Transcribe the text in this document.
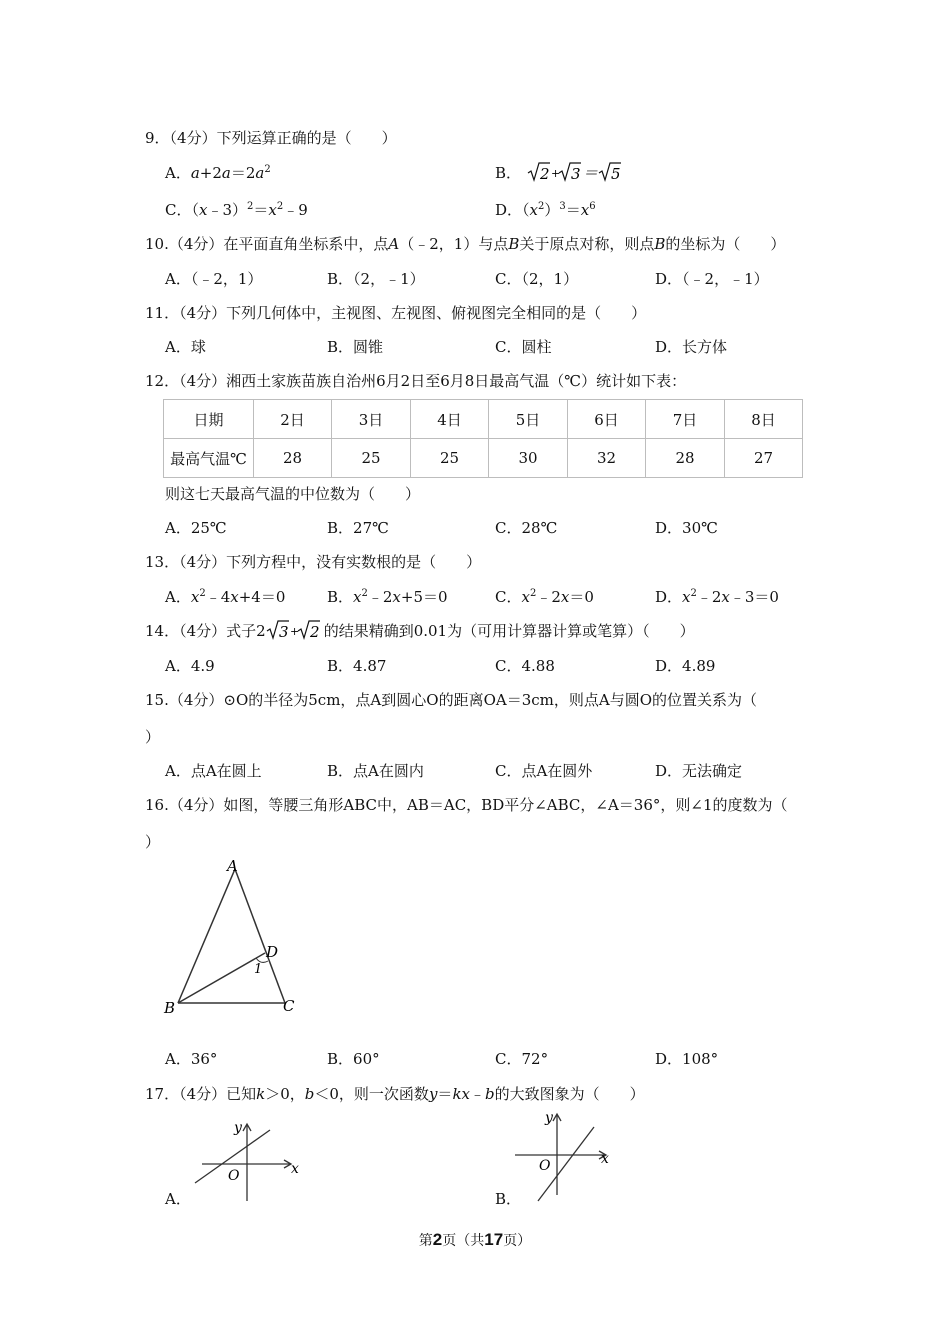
9．（4分）下列运算正确的是（　　）
A．$a+2a=2a^2$	B． 2 + 3 ＝ 5
C．$(x﹣3)^2=x^2﹣9$	D．$(x^2)^3=x^6$
10.（4分）在平面直角坐标系中，点A（﹣2，1）与点B关于原点对称，则点B的坐标为（　　）
A．（﹣2，1）	B．（2，﹣1）	C．（2，1）	D．（﹣2，﹣1）
11．（4分）下列几何体中，主视图、左视图、俯视图完全相同的是（　　）
A．球	B．圆锥	C．圆柱	D．长方体
12．（4分）湘西土家族苗族自治州6月2日至6月8日最高气温（℃）统计如下表：
日期	2日	3日	4日	5日	6日	7日	8日
最高气温℃	28	25	25	30	32	28	27
则这七天最高气温的中位数为（　　）
A．25℃	B．27℃	C．28℃	D．30℃
13．（4分）下列方程中，没有实数根的是（　　）
A．$x^2﹣4x+4=0$	B．$x^2﹣2x+5=0$	C．$x^2﹣2x=0$	D．$x^2﹣2x﹣3=0$
14．（4分）式子2 3 + 2 的结果精确到0.01为（可用计算器计算或笔算）（　　）
A．4.9	B．4.87	C．4.88	D．4.89
15.（4分）⊙O的半径为5cm，点A到圆心O的距离OA＝3cm，则点A与圆O的位置关系为（
）
A．点A在圆上	B．点A在圆内	C．点A在圆外	D．无法确定
16.（4分）如图，等腰三角形ABC中，AB＝AC，BD平分∠ABC，∠A＝36°，则∠1的度数为（
）
A
B	C
D
1
A．36°	B．60°	C．72°	D．108°
17．（4分）已知k＞0，b＜0，则一次函数y＝kx﹣b的大致图象为（　　）
A．
x
y
O
B．
x
y
O
第2页（共17页）
